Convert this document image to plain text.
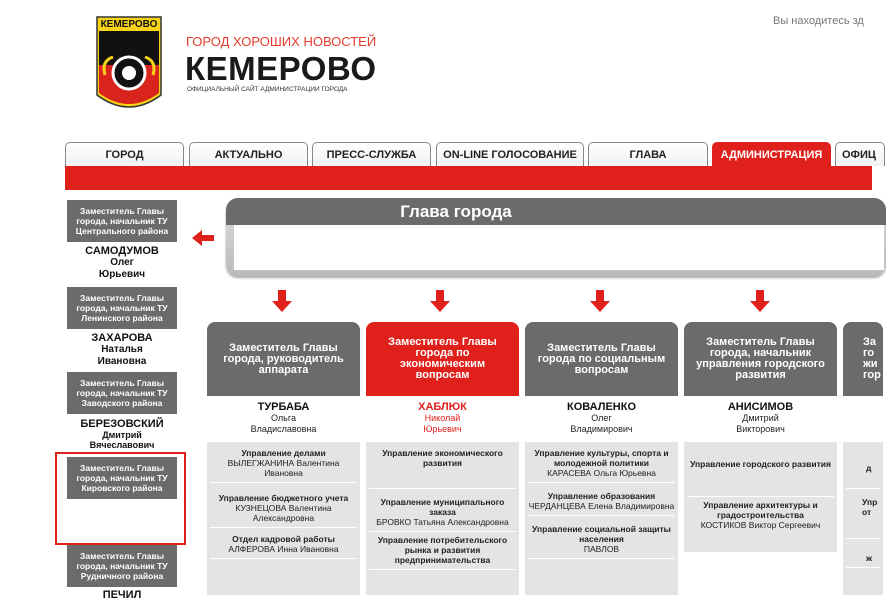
КЕМЕРОВО
ГОРОД ХОРОШИХ НОВОСТЕЙ
КЕМЕРОВО
ОФИЦИАЛЬНЫЙ САЙТ АДМИНИСТРАЦИИ ГОРОДА
Вы находитесь зд
ГОРОД	АКТУАЛЬНО	ПРЕСС-СЛУЖБА	ON-LINE ГОЛОСОВАНИЕ	ГЛАВА	АДМИНИСТРАЦИЯ	ОФИЦ
Заместитель Главы города, начальник ТУ Центрального района
САМОДУМОВ
Олег
Юрьевич
Заместитель Главы города, начальник ТУ Ленинского района
ЗАХАРОВА
Наталья
Ивановна
Заместитель Главы города, начальник ТУ Заводского района
БЕРЕЗОВСКИЙ
Дмитрий
Вячеславович
Заместитель Главы города, начальник ТУ Кировского района
Заместитель Главы города, начальник ТУ Рудничного района
ПЕЧИЛ
Глава города
Заместитель Главы города, руководитель аппарата
ТУРБАБА
Ольга
Владиславовна
Управление делами
ВЫЛЕГЖАНИНА Валентина Ивановна
Управление бюджетного учета
КУЗНЕЦОВА Валентина Александровна
Отдел кадровой работы
АЛФЕРОВА Инна Ивановна
Заместитель Главы города по экономическим вопросам
ХАБЛЮК
Николай
Юрьевич
Управление экономического развития
Управление муниципального заказа
БРОВКО Татьяна Александровна
Управление потребительского рынка и развития предпринимательства
Заместитель Главы города по социальным вопросам
КОВАЛЕНКО
Олег
Владимирович
Управление культуры, спорта и молодежной политики
КАРАСЕВА Ольга Юрьевна
Управление образования
ЧЕРДАНЦЕВА Елена Владимировна
Управление социальной защиты населения
ПАВЛОВ
Заместитель Главы города, начальник управления городского развития
АНИСИМОВ
Дмитрий
Викторович
Управление городского развития
Управление архитектуры и градостроительства
КОСТИКОВ Виктор Сергеевич
За го жи гор
д
Упр от
ж
